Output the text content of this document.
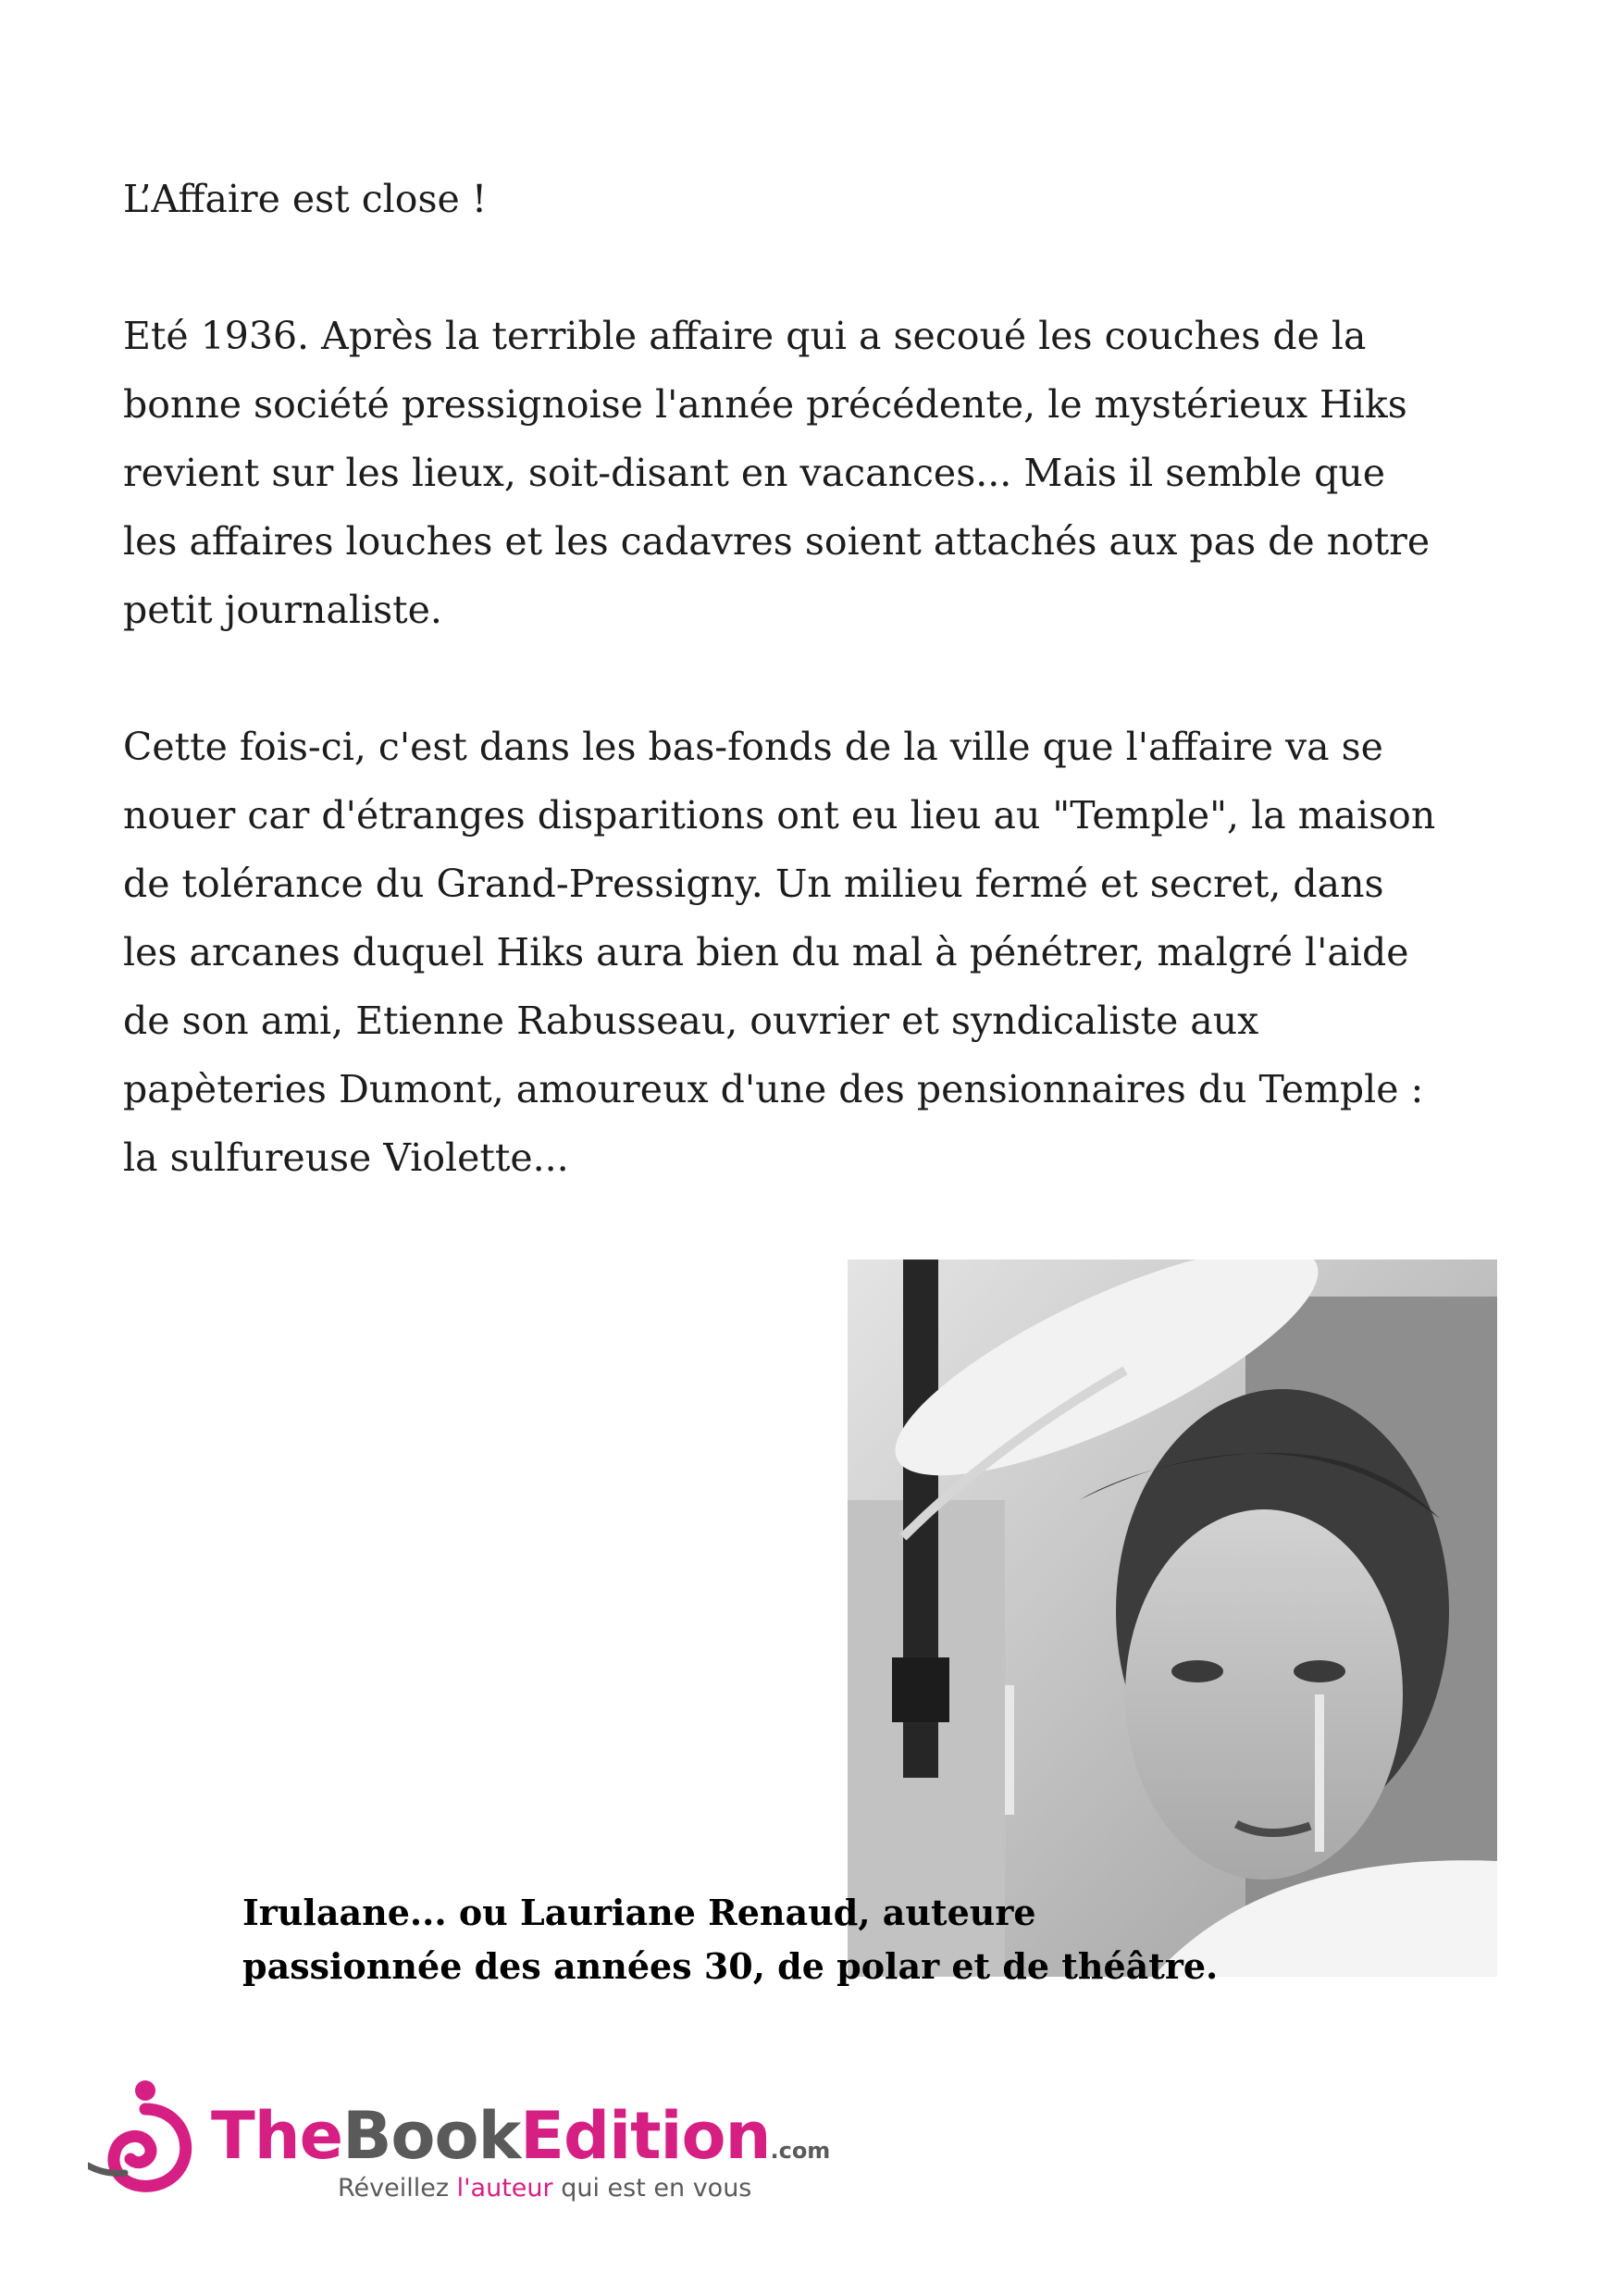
L’Affaire est close !

Eté 1936. Après la terrible affaire qui a secoué les couches de la bonne société pressignoise l'année précédente, le mystérieux Hiks revient sur les lieux, soit-disant en vacances... Mais il semble que les affaires louches et les cadavres soient attachés aux pas de notre petit journaliste.

Cette fois-ci, c'est dans les bas-fonds de la ville que l'affaire va se nouer car d'étranges disparitions ont eu lieu au "Temple", la maison de tolérance du Grand-Pressigny. Un milieu fermé et secret, dans les arcanes duquel Hiks aura bien du mal à pénétrer, malgré l'aide de son ami, Etienne Rabusseau, ouvrier et syndicaliste aux papèteries Dumont, amoureux d'une des pensionnaires du Temple : la sulfureuse Violette...

Irulaane... ou Lauriane Renaud, auteure
passionnée des années 30, de polar et de théâtre.
TheBookEdition.com
Réveillez l'auteur qui est en vous
